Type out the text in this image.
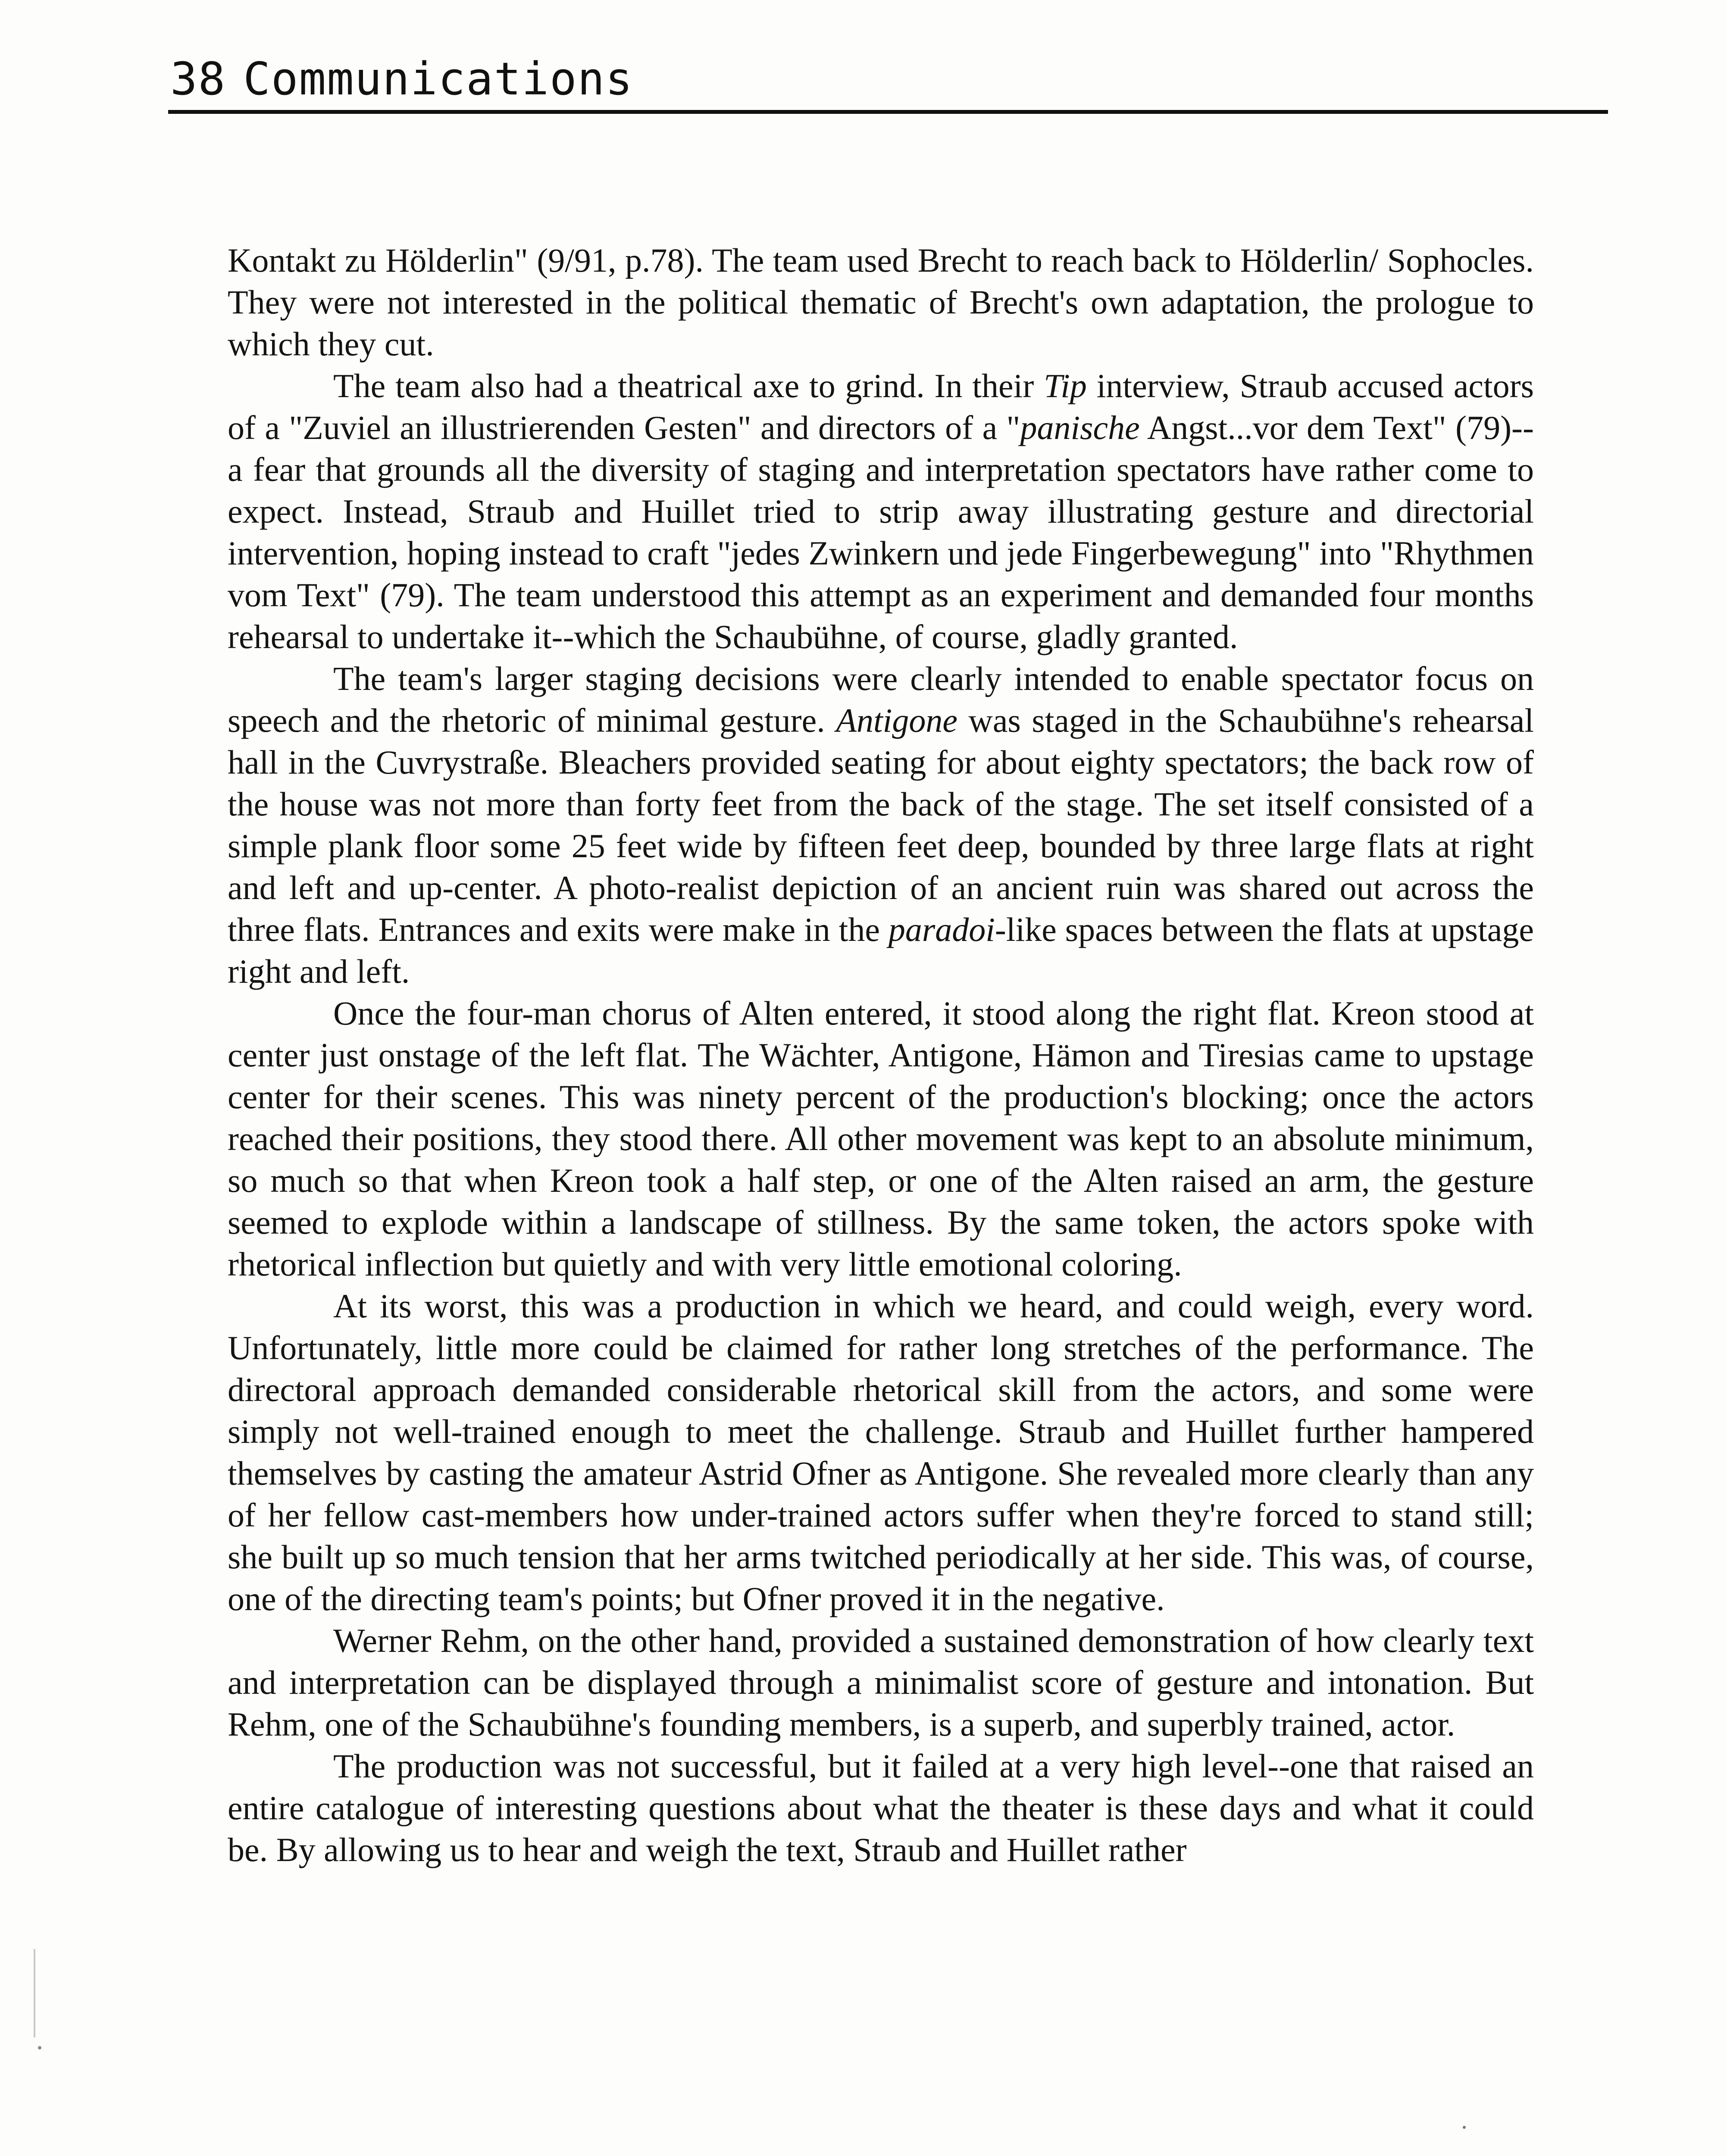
38 Communications

Kontakt zu Hölderlin" (9/91, p.78). The team used Brecht to reach back to Hölderlin/ Sophocles. They were not interested in the political thematic of Brecht's own adaptation, the prologue to which they cut.

The team also had a theatrical axe to grind. In their Tip interview, Straub accused actors of a "Zuviel an illustrierenden Gesten" and directors of a "panische Angst...vor dem Text" (79)--a fear that grounds all the diversity of staging and interpretation spectators have rather come to expect. Instead, Straub and Huillet tried to strip away illustrating gesture and directorial intervention, hoping instead to craft "jedes Zwinkern und jede Fingerbewegung" into "Rhythmen vom Text" (79). The team understood this attempt as an experiment and demanded four months rehearsal to undertake it--which the Schaubühne, of course, gladly granted.

The team's larger staging decisions were clearly intended to enable spectator focus on speech and the rhetoric of minimal gesture. Antigone was staged in the Schaubühne's rehearsal hall in the Cuvrystraße. Bleachers provided seating for about eighty spectators; the back row of the house was not more than forty feet from the back of the stage. The set itself consisted of a simple plank floor some 25 feet wide by fifteen feet deep, bounded by three large flats at right and left and up-center. A photo-realist depiction of an ancient ruin was shared out across the three flats. Entrances and exits were make in the paradoi-like spaces between the flats at upstage right and left.

Once the four-man chorus of Alten entered, it stood along the right flat. Kreon stood at center just onstage of the left flat. The Wächter, Antigone, Hämon and Tiresias came to upstage center for their scenes. This was ninety percent of the production's blocking; once the actors reached their positions, they stood there. All other movement was kept to an absolute minimum, so much so that when Kreon took a half step, or one of the Alten raised an arm, the gesture seemed to explode within a landscape of stillness. By the same token, the actors spoke with rhetorical inflection but quietly and with very little emotional coloring.

At its worst, this was a production in which we heard, and could weigh, every word. Unfortunately, little more could be claimed for rather long stretches of the performance. The directoral approach demanded considerable rhetorical skill from the actors, and some were simply not well-trained enough to meet the challenge. Straub and Huillet further hampered themselves by casting the amateur Astrid Ofner as Antigone. She revealed more clearly than any of her fellow cast-members how under-trained actors suffer when they're forced to stand still; she built up so much tension that her arms twitched periodically at her side. This was, of course, one of the directing team's points; but Ofner proved it in the negative.

Werner Rehm, on the other hand, provided a sustained demonstration of how clearly text and interpretation can be displayed through a minimalist score of gesture and intonation. But Rehm, one of the Schaubühne's founding members, is a superb, and superbly trained, actor.

The production was not successful, but it failed at a very high level--one that raised an entire catalogue of interesting questions about what the theater is these days and what it could be. By allowing us to hear and weigh the text, Straub and Huillet rather
